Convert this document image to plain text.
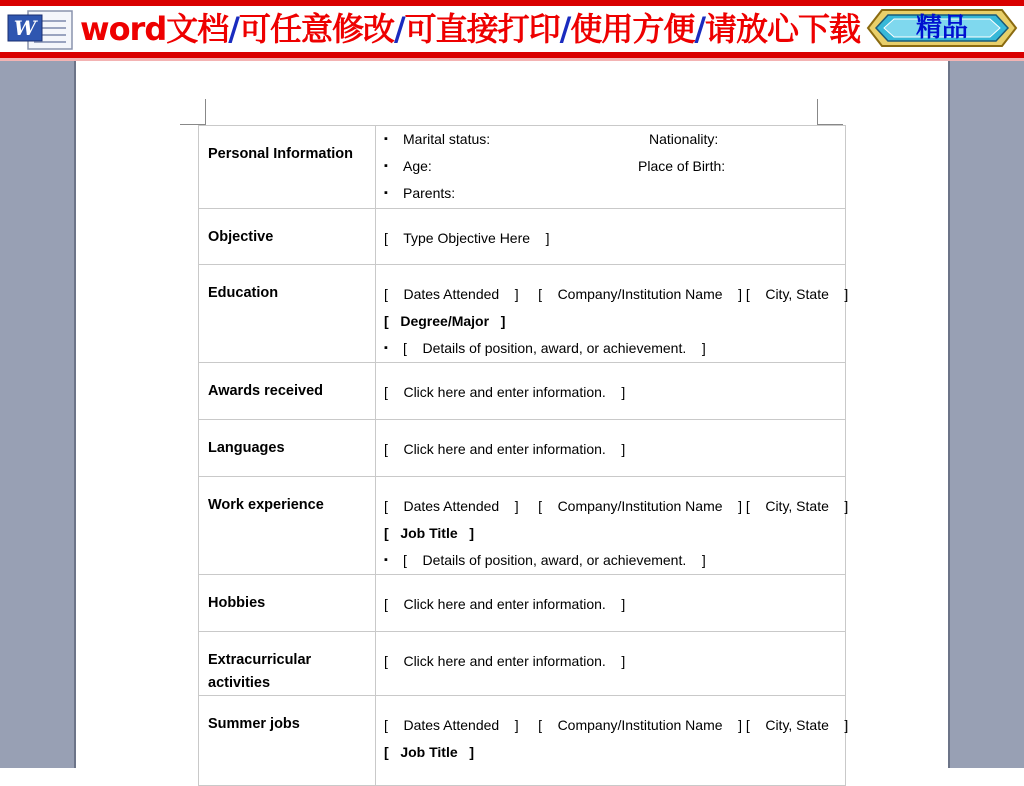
W word文档/可任意修改/可直接打印/使用方便/请放心下载	精品
Personal Information	▪ Marital status: Nationality:
▪ Age: Place of Birth:
▪ Parents:

Objective	[    Type Objective Here    ]

Education	[    Dates Attended    ]     [    Company/Institution Name    ] [    City, State    ]
[   Degree/Major   ]
▪ [    Details of position, award, or achievement.    ]

Awards received	[    Click here and enter information.    ]

Languages	[    Click here and enter information.    ]

Work experience	[    Dates Attended    ]     [    Company/Institution Name    ] [    City, State    ]
[   Job Title   ]
▪ [    Details of position, award, or achievement.    ]

Hobbies	[    Click here and enter information.    ]

Extracurricular activities	[    Click here and enter information.    ]

Summer jobs	[    Dates Attended    ]     [    Company/Institution Name    ] [    City, State    ]
[   Job Title   ]
